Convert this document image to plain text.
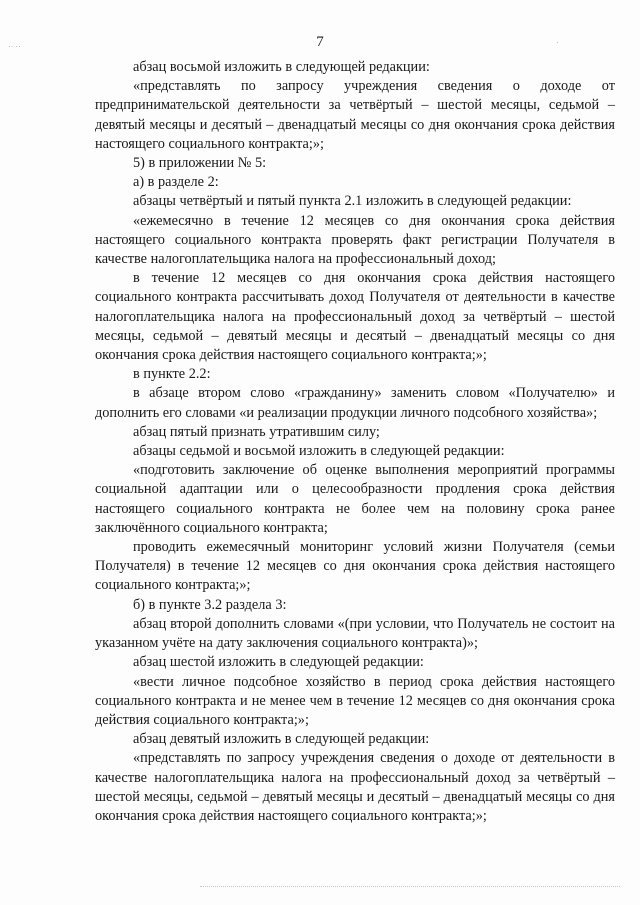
·· ··	·
7

абзац восьмой изложить в следующей редакции:

«представлять по запросу учреждения сведения о доходе от предпринимательской деятельности за четвёртый – шестой месяцы, седьмой – девятый месяцы и десятый – двенадцатый месяцы со дня окончания срока действия настоящего социального контракта;»;

5) в приложении № 5:

а) в разделе 2:

абзацы четвёртый и пятый пункта 2.1 изложить в следующей редакции:

«ежемесячно в течение 12 месяцев со дня окончания срока действия настоящего социального контракта проверять факт регистрации Получателя в качестве налогоплательщика налога на профессиональный доход;

в течение 12 месяцев со дня окончания срока действия настоящего социального контракта рассчитывать доход Получателя от деятельности в качестве налогоплательщика налога на профессиональный доход за четвёртый – шестой месяцы, седьмой – девятый месяцы и десятый – двенадцатый месяцы со дня окончания срока действия настоящего социального контракта;»;

в пункте 2.2:

в абзаце втором слово «гражданину» заменить словом «Получателю» и дополнить его словами «и реализации продукции личного подсобного хозяйства»;

абзац пятый признать утратившим силу;

абзацы седьмой и восьмой изложить в следующей редакции:

«подготовить заключение об оценке выполнения мероприятий программы социальной адаптации или о целесообразности продления срока действия настоящего социального контракта не более чем на половину срока ранее заключённого социального контракта;

проводить ежемесячный мониторинг условий жизни Получателя (семьи Получателя) в течение 12 месяцев со дня окончания срока действия настоящего социального контракта;»;

б) в пункте 3.2 раздела 3:

абзац второй дополнить словами «(при условии, что Получатель не состоит на указанном учёте на дату заключения социального контракта)»;

абзац шестой изложить в следующей редакции:

«вести личное подсобное хозяйство в период срока действия настоящего социального контракта и не менее чем в течение 12 месяцев со дня окончания срока действия социального контракта;»;

абзац девятый изложить в следующей редакции:

«представлять по запросу учреждения сведения о доходе от деятельности в качестве налогоплательщика налога на профессиональный доход за четвёртый – шестой месяцы, седьмой – девятый месяцы и десятый – двенадцатый месяцы со дня окончания срока действия настоящего социального контракта;»;
